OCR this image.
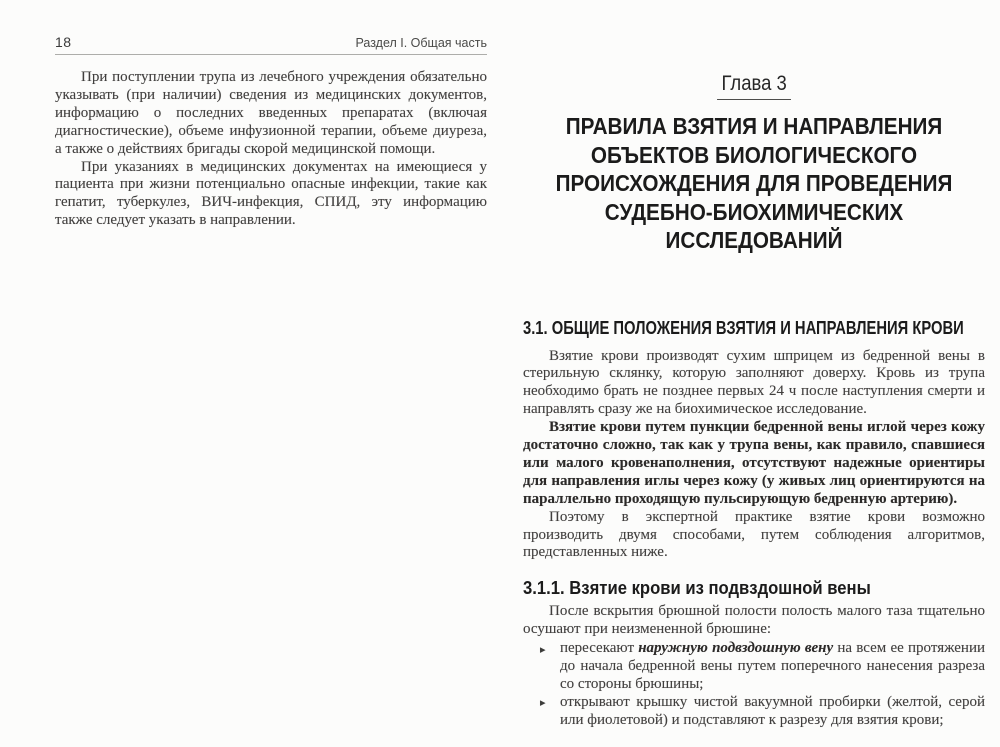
18	Раздел I. Общая часть

При поступлении трупа из лечебного учреждения обязательно указывать (при наличии) сведения из медицинских документов, информацию о последних введенных препаратах (включая диагностические), объеме инфузионной терапии, объеме диуреза, а также о действиях бригады скорой медицинской помощи.

При указаниях в медицинских документах на имеющиеся у пациента при жизни потенциально опасные инфекции, такие как гепатит, туберкулез, ВИЧ-инфекция, СПИД, эту информацию также следует указать в направлении.

Глава 3
ПРАВИЛА ВЗЯТИЯ И НАПРАВЛЕНИЯ
ОБЪЕКТОВ БИОЛОГИЧЕСКОГО
ПРОИСХОЖДЕНИЯ ДЛЯ ПРОВЕДЕНИЯ
СУДЕБНО-БИОХИМИЧЕСКИХ
ИССЛЕДОВАНИЙ
3.1. ОБЩИЕ ПОЛОЖЕНИЯ ВЗЯТИЯ И НАПРАВЛЕНИЯ КРОВИ

Взятие крови производят сухим шприцем из бедренной вены в стерильную склянку, которую заполняют доверху. Кровь из трупа необходимо брать не позднее первых 24 ч после наступления смерти и направлять сразу же на биохимическое исследование.

Взятие крови путем пункции бедренной вены иглой через кожу достаточно сложно, так как у трупа вены, как правило, спавшиеся или малого кровенаполнения, отсутствуют надежные ориентиры для направления иглы через кожу (у живых лиц ориентируются на параллельно проходящую пульсирующую бедренную артерию).

Поэтому в экспертной практике взятие крови возможно производить двумя способами, путем соблюдения алгоритмов, представленных ниже.

3.1.1. Взятие крови из подвздошной вены

После вскрытия брюшной полости полость малого таза тщательно осушают при неизмененной брюшине:

▸ пересекают наружную подвздошную вену на всем ее протяжении до начала бедренной вены путем поперечного нанесения разреза со стороны брюшины;
▸ открывают крышку чистой вакуумной пробирки (желтой, серой или фиолетовой) и подставляют к разрезу для взятия крови;
